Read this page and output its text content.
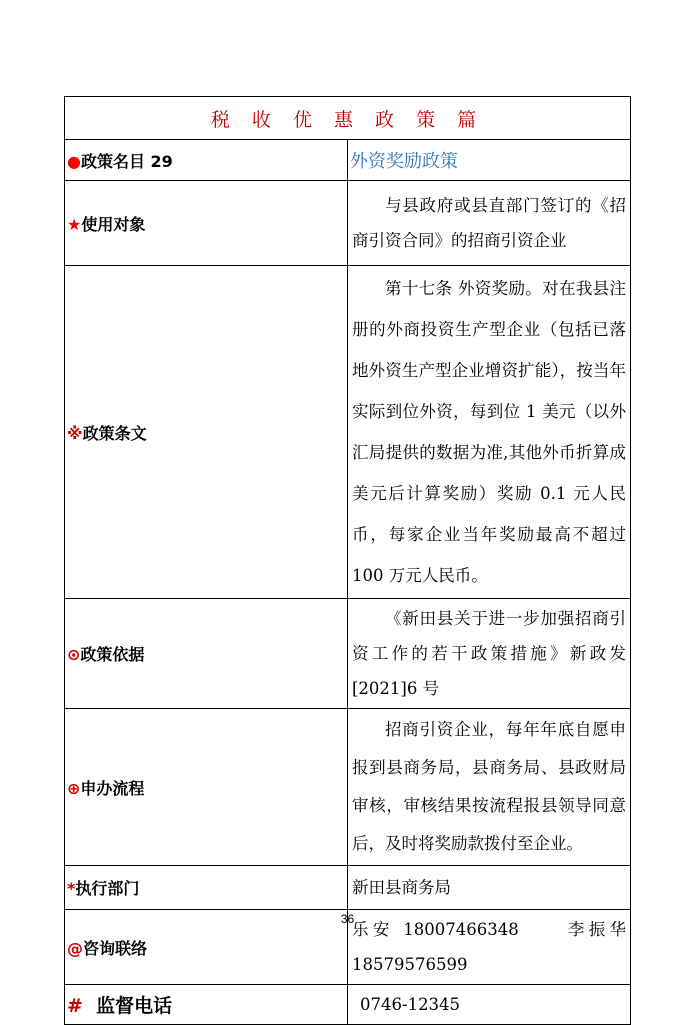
税 收 优 惠 政 策 篇	
●政策名目 29	外资奖励政策
★使用对象	与县政府或县直部门签订的《招商引资合同》的招商引资企业
※政策条文	第十七条 外资奖励。对在我县注册的外商投资生产型企业（包括已落地外资生产型企业增资扩能），按当年实际到位外资，每到位 1 美元（以外汇局提供的数据为准,其他外币折算成美元后计算奖励）奖励 0.1 元人民币，每家企业当年奖励最高不超过 100 万元人民币。
⊙政策依据	《新田县关于进一步加强招商引资工作的若干政策措施》新政发[2021]6 号
⊕申办流程	招商引资企业，每年年底自愿申报到县商务局，县商务局、县政财局审核，审核结果按流程报县领导同意后，及时将奖励款拨付至企业。
*执行部门	新田县商务局
@咨询联络	乐安 18007466348 李振华 18579576599
# 监督电话	0746-12345
36
